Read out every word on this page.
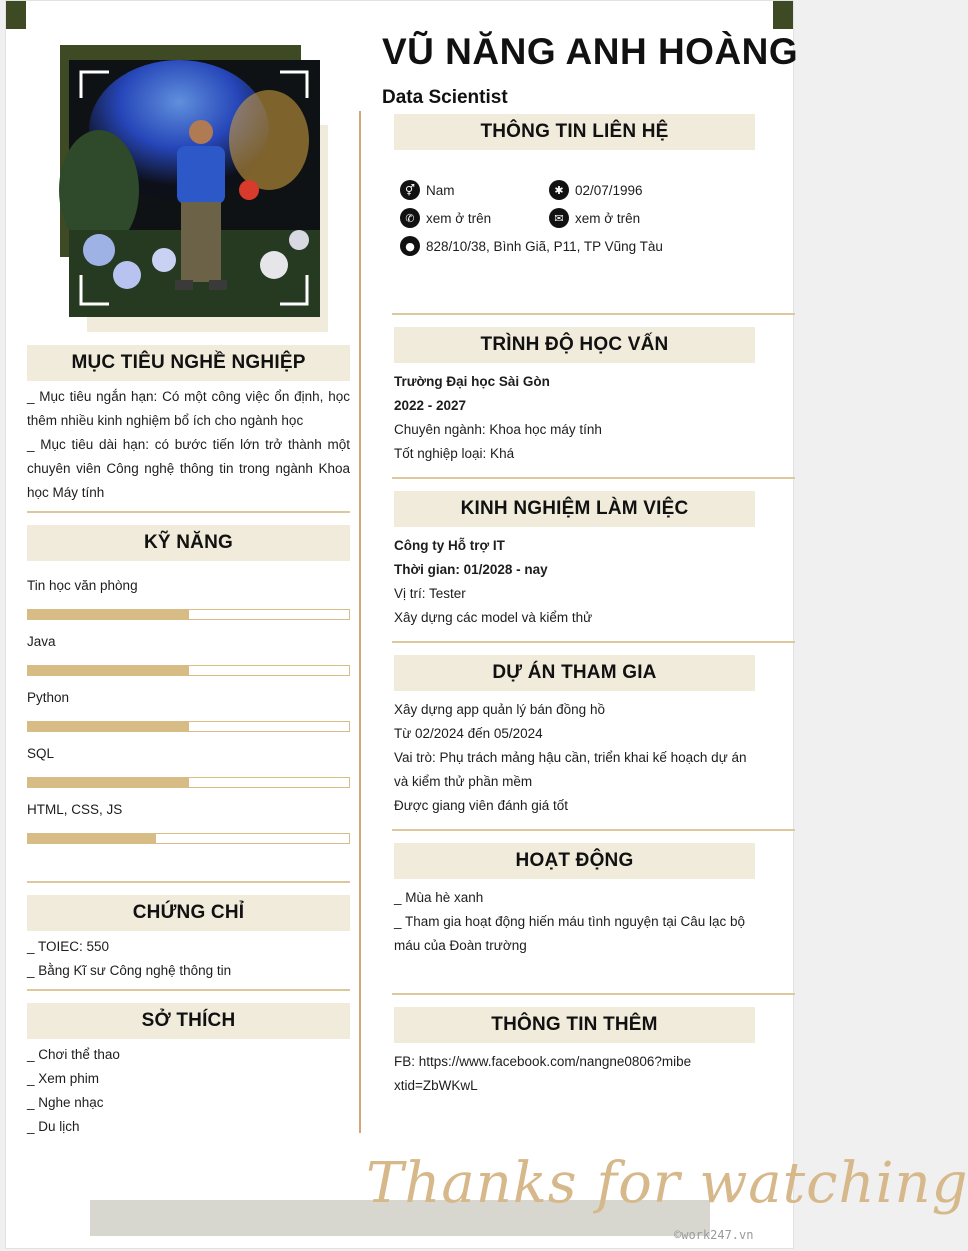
VŨ NĂNG ANH HOÀNG
Data Scientist
MỤC TIÊU NGHỀ NGHIỆP

_ Mục tiêu ngắn hạn: Có một công việc ổn định, học thêm nhiều kinh nghiệm bổ ích cho ngành học

_ Mục tiêu dài hạn: có bước tiến lớn trở thành một chuyên viên Công nghệ thông tin trong ngành Khoa học Máy tính

KỸ NĂNG
Tin học văn phòng
Java
Python
SQL
HTML, CSS, JS
CHỨNG CHỈ

_ TOIEC: 550

_ Bằng Kĩ sư Công nghệ thông tin

SỞ THÍCH

_ Chơi thể thao

_ Xem phim

_ Nghe nhạc

_ Du lịch

THÔNG TIN LIÊN HỆ
⚥ Nam	✱ 02/07/1996
✆ xem ở trên	✉ xem ở trên
● 828/10/38, Bình Giã, P11, TP Vũng Tàu
TRÌNH ĐỘ HỌC VẤN

Trường Đại học Sài Gòn

2022 - 2027

Chuyên ngành: Khoa học máy tính

Tốt nghiệp loại: Khá

KINH NGHIỆM LÀM VIỆC

Công ty Hỗ trợ IT

Thời gian: 01/2028 - nay

Vị trí: Tester

Xây dựng các model và kiểm thử

DỰ ÁN THAM GIA

Xây dựng app quản lý bán đồng hồ

Từ 02/2024 đến 05/2024

Vai trò: Phụ trách mảng hậu cần, triển khai kế hoạch dự án và kiểm thử phần mềm

Được giang viên đánh giá tốt

HOẠT ĐỘNG

_ Mùa hè xanh

_ Tham gia hoạt động hiến máu tình nguyện tại Câu lạc bộ máu của Đoàn trường

THÔNG TIN THÊM
FB: https://www.facebook.com/nangne0806?mibextid=ZbWKwL
Thanks for watching
©work247.vn
